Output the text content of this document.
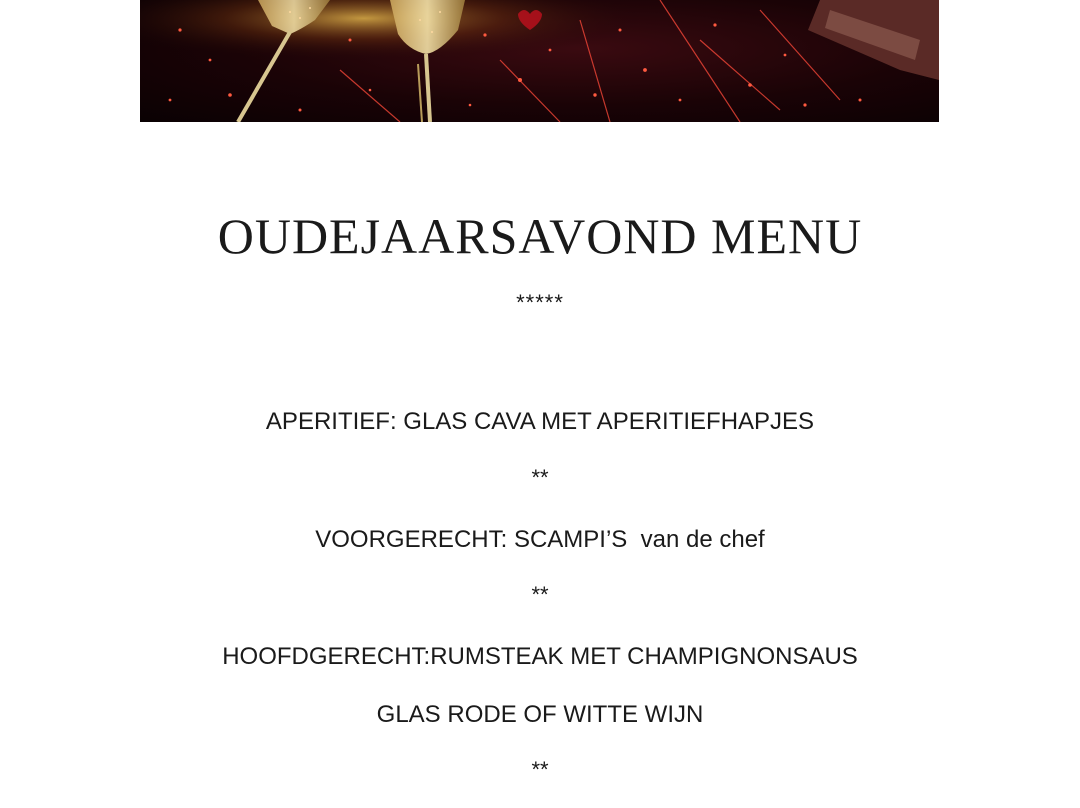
OUDEJAARSAVOND MENU
*****
APERITIEF: GLAS CAVA MET APERITIEFHAPJES
**
VOORGERECHT: SCAMPI’S  van de chef
**
HOOFDGERECHT:RUMSTEAK MET CHAMPIGNONSAUS
GLAS RODE OF WITTE WIJN
**
